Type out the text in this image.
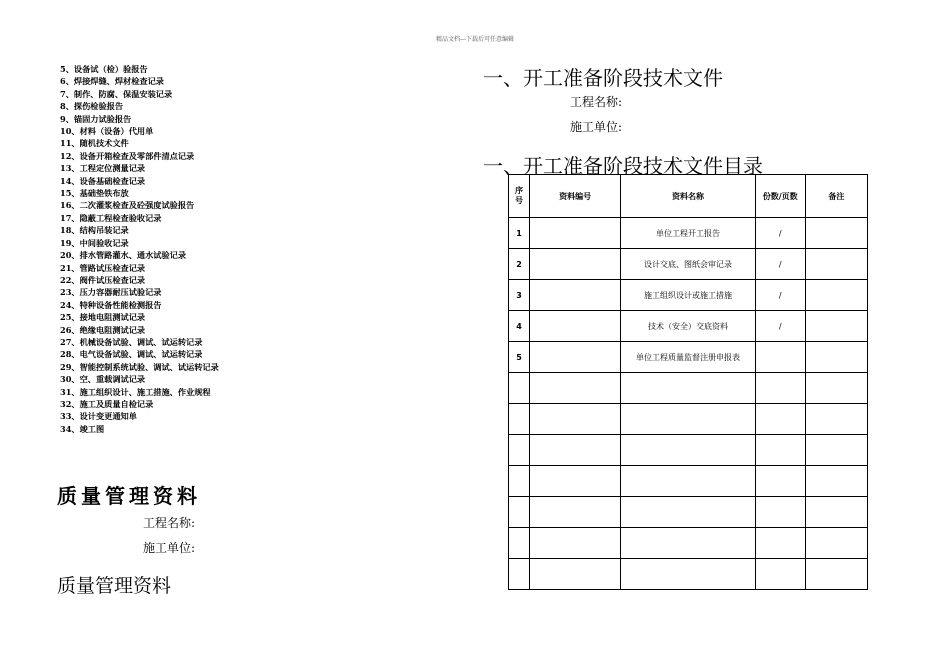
精品文档---下载后可任意编辑
5、设备试（检）验报告
6、焊接焊缝、焊材检查记录
7、制作、防腐、保温安装记录
8、探伤检验报告
9、锚固力试验报告
10、材料（设备）代用单
11、随机技术文件
12、设备开箱检查及零部件清点记录
13、工程定位测量记录
14、设备基础检查记录
15、基础垫铁布放
16、二次灌浆检查及砼强度试验报告
17、隐蔽工程检查验收记录
18、结构吊装记录
19、中间验收记录
20、排水管路灌水、通水试验记录
21、管路试压检查记录
22、阀件试压检查记录
23、压力容器耐压试验记录
24、特种设备性能检测报告
25、接地电阻测试记录
26、绝缘电阻测试记录
27、机械设备试验、调试、试运转记录
28、电气设备试验、调试、试运转记录
29、智能控制系统试验、调试、试运转记录
30、空、重载调试记录
31、施工组织设计、施工措施、作业规程
32、施工及质量自检记录
33、设计变更通知单
34、竣工图
质量管理资料
工程名称:
施工单位:
质量管理资料
一、开工准备阶段技术文件
工程名称:
施工单位:
一、开工准备阶段技术文件目录
序
号	资料编号	资料名称	份数/页数	备注
1		单位工程开工报告	/	
2		设计交底、图纸会审记录	/	
3		施工组织设计或施工措施	/	
4		技术（安全）交底资料	/	
5		单位工程质量监督注册申报表		
